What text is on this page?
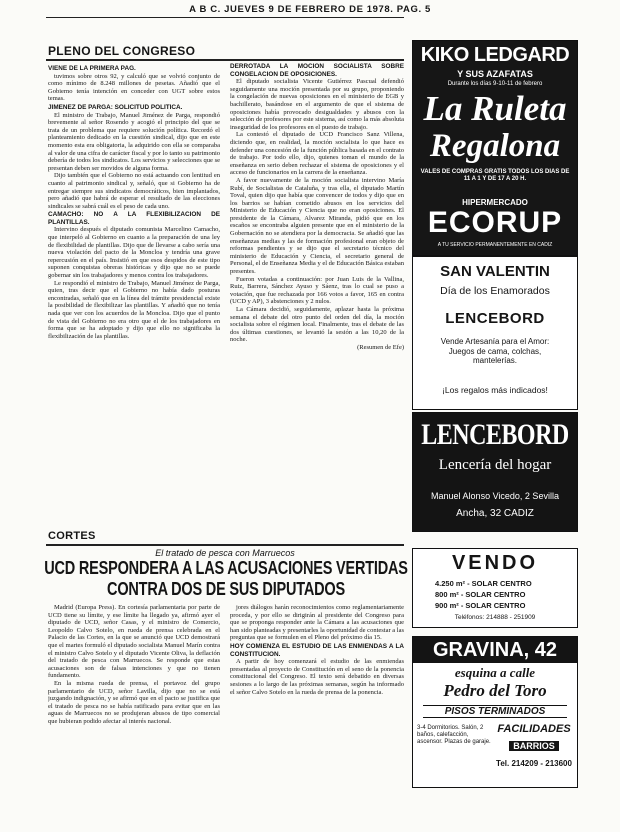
A B C. JUEVES 9 DE FEBRERO DE 1978. PAG. 5
PLENO DEL CONGRESO
VIENE DE LA PRIMERA PAG.

tuvimos sobre otros 92, y calculó que se volvió conjunto de como mínimo de 8.248 millones de pesetas. Añadió que el Gobierno tenía intención en conceder con UGT sobre estos temas.

JIMENEZ DE PARGA: SOLICITUD POLITICA.

El ministro de Trabajo, Manuel Jiménez de Parga, respondió brevemente al señor Rosendo y acogió el principio del que se trata de un problema que requiere solución política. Recordó el planteamiento dedicado en la cuestión sindical, dijo que en este momento esta era obligatoria, la adquirido con ella se comparaba al valor de una cifra de carácter fiscal y por lo tanto su patrimonio debería de todos los sindicatos. Los servicios y selecciones que se presentan deben ser movidos de alguna forma.

Dijo también que el Gobierno no está actuando con lentitud en cuanto al patrimonio sindical y, señaló, que si Gobierno ha de entregar siempre sus sindicatos democráticos, bien implantados, pero añadió que habrá de esperar el resultado de las elecciones sindicales se sabrá cuál es el peso de cada uno.

CAMACHO: NO A LA FLEXIBILIZACION DE PLANTILLAS.

Intervino después el diputado comunista Marcelino Camacho, que interpeló al Gobierno en cuanto a la preparación de una ley de flexibilidad de plantillas. Dijo que de llevarse a cabo sería una nueva violación del pacto de la Moncloa y tendría una grave repercusión en el país. Insistió en que esos despidos de este tipo suponen conquistas obreras históricas y dijo que no se puede gobernar sin los trabajadores y menos contra los trabajadores.

Le respondió el ministro de Trabajo, Manuel Jiménez de Parga, quien, tras decir que el Gobierno no había dado posturas encontradas, señaló que en la línea del trámite presidencial existe la posibilidad de flexibilizar las plantillas. Y añadió que no tenía nada que ver con los acuerdos de la Moncloa. Dijo que el punto de vista del Gobierno no era otro que el de los trabajadores en forma que se ha adoptado y dijo que ello no significaba la flexibilización de las plantillas.

DERROTADA LA MOCION SOCIALISTA SOBRE CONGELACION DE OPOSICIONES.

El diputado socialista Vicente Gutiérrez Pascual defendió seguidamente una moción presentada por su grupo, proponiendo la congelación de nuevas oposiciones en el ministerio de EGB y bachillerato, basándose en el argumento de que el sistema de oposiciones había provocado desigualdades y abusos con la selección de profesores por este sistema, así como la más absoluta inseguridad de los profesores en el puesto de trabajo.

La contestó el diputado de UCD Francisco Sanz Villena, diciendo que, en realidad, la moción socialista lo que hace es defender una concesión de la función pública basada en el contrato de trabajo. Por todo ello, dijo, quienes toman el mundo de la enseñanza en serio deben rechazar el sistema de oposiciones y el acceso de funcionarios en la carrera de la enseñanza.

A favor nuevamente de la moción socialista intervino María Rubí, de Socialistas de Cataluña, y tras ella, el diputado Martín Toval, quien dijo que había que convencer de todos y dijo que en los barrios se habían cometido abusos en los servicios del Ministerio de Educación y Ciencia que no eran oposiciones. El presidente de la Cámara, Alvarez Miranda, pidió que en los escaños se encontraba alguien presente que en el ministerio de la Gobernación no se atendiera por la democracia. Se añadió que las enseñanzas medias y las de formación profesional eran objeto de reformas pendientes y se dijo que el secretario técnico del ministerio de Educación y Ciencia, el secretario general de Personal, el de Enseñanza Media y el de Educación Básica estaban presentes.

Fueron votadas a continuación: por Juan Luis de la Vallina, Ruiz, Barrera, Sánchez Ayuso y Sáenz, tras lo cual se puso a votación, que fue rechazada por 166 votos a favor, 165 en contra (UCD y AP), 3 abstenciones y 2 nulos.

La Cámara decidió, seguidamente, aplazar hasta la próxima semana el debate del otro punto del orden del día, la moción socialista sobre el régimen local. Finalmente, tras el debate de las dos últimas cuestiones, se levantó la sesión a las 10,20 de la noche.

(Resumen de Efe)

CORTES
El tratado de pesca con Marruecos
UCD RESPONDERA A LAS ACUSACIONES VERTIDAS
CONTRA DOS DE SUS DIPUTADOS

Madrid (Europa Press). En cortesía parlamentaria por parte de UCD tiene su límite, y ese límite ha llegado ya, afirmó ayer el diputado de UCD, señor Casas, y el ministro de Comercio, Leopoldo Calvo Sotelo, en rueda de prensa celebrada en el Palacio de las Cortes, en la que se anunció que UCD demostrará que el martes formuló el diputado socialista Manuel Marín contra el ministro Calvo Sotelo y el diputado Vicente Oliva, la deflación del tratado de pesca con Marruecos. Se responde que estas acusaciones son de falsas intenciones y que no tienen fundamento.

En la misma rueda de prensa, el portavoz del grupo parlamentario de UCD, señor Lavilla, dijo que no se está juzgando indignación, y se afirmó que en el pacto se justifica que el tratado de pesca no se había ratificado para evitar que en las aguas de Marruecos no se produjeran abusos de tipo comercial que hubieran podido afectar al interés nacional.

jores diálogos harán reconocimientos como reglamentariamente proceda, y por ello se dirigirán al presidente del Congreso para que se proponga responder ante la Cámara a las acusaciones que han sido planteadas y presentarles la oportunidad de contestar a las preguntas que se formulen en el Pleno del próximo día 15.

HOY COMIENZA EL ESTUDIO DE LAS ENMIENDAS A LA CONSTITUCION.

A partir de hoy comenzará el estudio de las enmiendas presentadas al proyecto de Constitución en el seno de la ponencia constitucional del Congreso. El texto será debatido en diversas sesiones a lo largo de las próximas semanas, según ha informado el señor Calvo Sotelo en la rueda de prensa de la ponencia.

KIKO LEDGARD
Y SUS AZAFATAS
Durante los días 9-10-11 de febrero
La Ruleta
Regalona
VALES DE COMPRAS GRATIS TODOS LOS DIAS DE 11 A 1 Y DE 17 A 20 H.
HIPERMERCADO
ECORUP
A TU SERVICIO PERMANENTEMENTE EN CADIZ
SAN VALENTIN
Día de los Enamorados
LENCEBORD
Vende Artesanía para el Amor: Juegos de cama, colchas, mantelerías.
¡Los regalos más indicados!
LENCEBORD
Lencería del hogar
Manuel Alonso Vicedo, 2 Sevilla
Ancha, 32 CADIZ
VENDO
4.250 m² - SOLAR CENTRO
800 m² - SOLAR CENTRO
900 m² - SOLAR CENTRO
Teléfonos: 214888 - 251909
GRAVINA, 42
esquina a calle
Pedro del Toro
PISOS TERMINADOS
3-4 Dormitorios. Salón, 2 baños, calefacción, ascensor. Plazas de garaje.
FACILIDADES
BARRIOS
Tel. 214209 - 213600
